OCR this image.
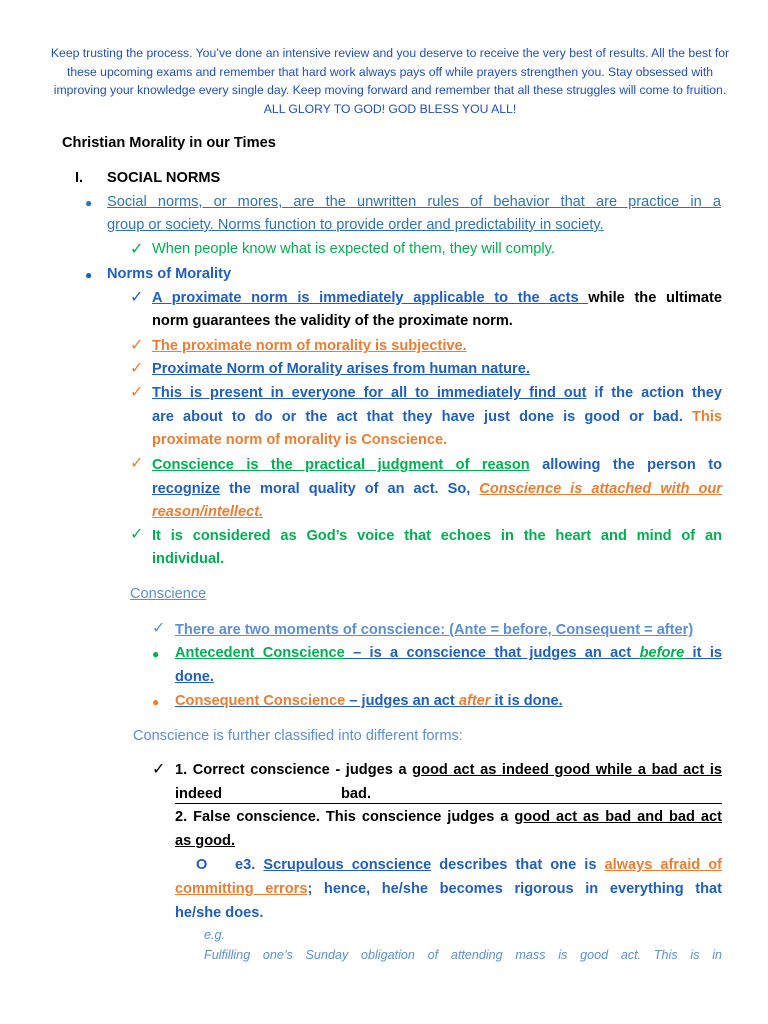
Keep trusting the process. You’ve done an intensive review and you deserve to receive the very best of results. All the best for these upcoming exams and remember that hard work always pays off while prayers strengthen you. Stay obsessed with improving your knowledge every single day. Keep moving forward and remember that all these struggles will come to fruition. ALL GLORY TO GOD! GOD BLESS YOU ALL!
Christian Morality in our Times
I. SOCIAL NORMS
● Social norms, or mores, are the unwritten rules of behavior that are practice in a
group or society. Norms function to provide order and predictability in society.
✓ When people know what is expected of them, they will comply.
● Norms of Morality
✓ A proximate norm is immediately applicable to the acts while the ultimate
norm guarantees the validity of the proximate norm.
✓ The proximate norm of morality is subjective.
✓ Proximate Norm of Morality arises from human nature.
✓ This is present in everyone for all to immediately find out if the action they
are about to do or the act that they have just done is good or bad. This
proximate norm of morality is Conscience.
✓ Conscience is the practical judgment of reason allowing the person to
recognize the moral quality of an act. So, Conscience is attached with our
reason/intellect.
✓ It is considered as God’s voice that echoes in the heart and mind of an
individual.
Conscience
✓ There are two moments of conscience: (Ante = before, Consequent = after)
● Antecedent Conscience – is a conscience that judges an act before it is
done.
● Consequent Conscience – judges an act after it is done.
Conscience is further classified into different forms:
✓ 1. Correct conscience - judges a good act as indeed good while a bad act is
indeed	bad.
2. False conscience. This conscience judges a good act as bad and bad act
as good.
O e3. Scrupulous conscience describes that one is always afraid of
committing errors; hence, he/she becomes rigorous in everything that
he/she does.
e.g.
Fulfilling one’s Sunday obligation of attending mass is good act. This is in
